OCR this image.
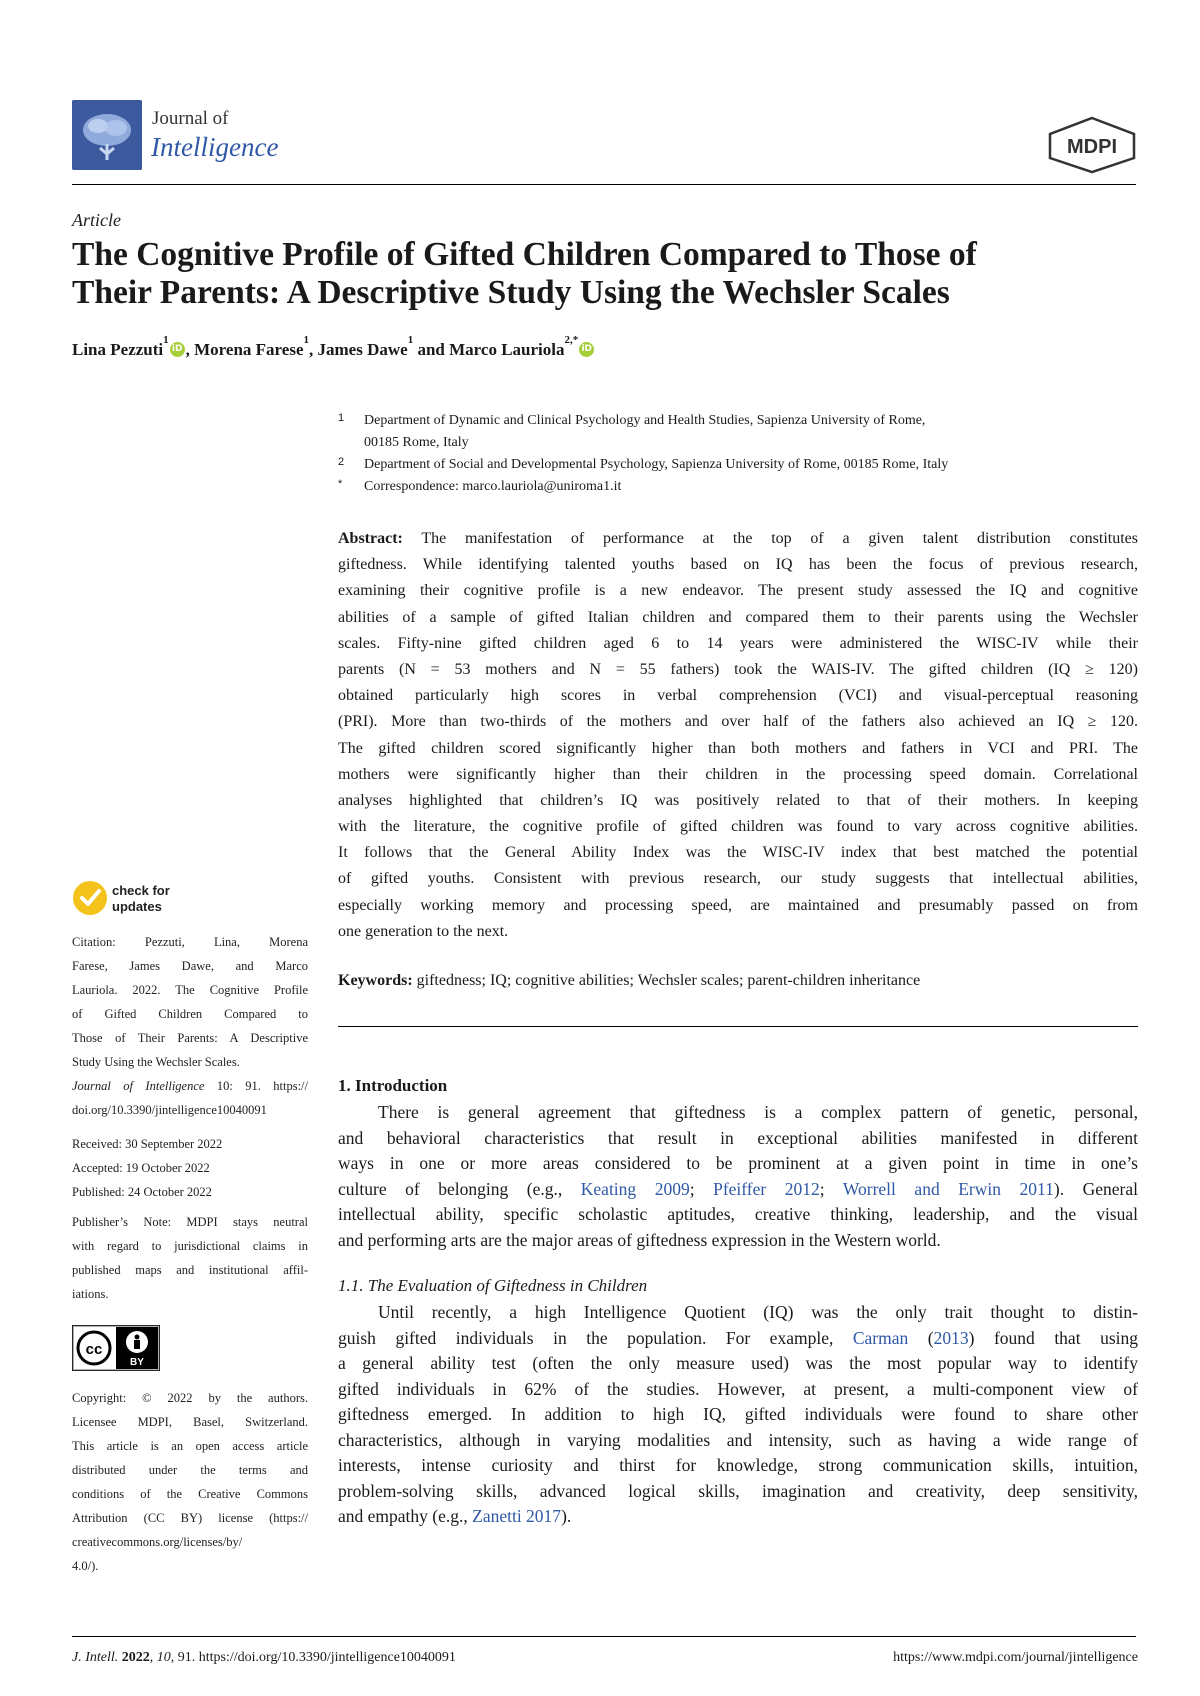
Journal of
Intelligence	MDPI
Article
The Cognitive Profile of Gifted Children Compared to Those of
Their Parents: A Descriptive Study Using the Wechsler Scales
Lina Pezzuti 1
iD , Morena Farese 1 , James Dawe 1 and Marco Lauriola 2,*
iD
1 Department of Dynamic and Clinical Psychology and Health Studies, Sapienza University of Rome,
00185 Rome, Italy
2 Department of Social and Developmental Psychology, Sapienza University of Rome, 00185 Rome, Italy
* Correspondence: marco.lauriola@uniroma1.it
Abstract: The manifestation of performance at the top of a given talent distribution constitutes
giftedness. While identifying talented youths based on IQ has been the focus of previous research,
examining their cognitive profile is a new endeavor. The present study assessed the IQ and cognitive
abilities of a sample of gifted Italian children and compared them to their parents using the Wechsler
scales. Fifty-nine gifted children aged 6 to 14 years were administered the WISC-IV while their
parents (N = 53 mothers and N = 55 fathers) took the WAIS-IV. The gifted children (IQ ≥ 120)
obtained particularly high scores in verbal comprehension (VCI) and visual-perceptual reasoning
(PRI). More than two-thirds of the mothers and over half of the fathers also achieved an IQ ≥ 120.
The gifted children scored significantly higher than both mothers and fathers in VCI and PRI. The
mothers were significantly higher than their children in the processing speed domain. Correlational
analyses highlighted that children’s IQ was positively related to that of their mothers. In keeping
with the literature, the cognitive profile of gifted children was found to vary across cognitive abilities.
It follows that the General Ability Index was the WISC-IV index that best matched the potential
of gifted youths. Consistent with previous research, our study suggests that intellectual abilities,
especially working memory and processing speed, are maintained and presumably passed on from
one generation to the next.
Keywords: giftedness; IQ; cognitive abilities; Wechsler scales; parent-children inheritance
1. Introduction
There is general agreement that giftedness is a complex pattern of genetic, personal,
and behavioral characteristics that result in exceptional abilities manifested in different
ways in one or more areas considered to be prominent at a given point in time in one’s
culture of belonging (e.g., Keating 2009; Pfeiffer 2012; Worrell and Erwin 2011). General
intellectual ability, specific scholastic aptitudes, creative thinking, leadership, and the visual
and performing arts are the major areas of giftedness expression in the Western world.
1.1. The Evaluation of Giftedness in Children
Until recently, a high Intelligence Quotient (IQ) was the only trait thought to distin-
guish gifted individuals in the population. For example, Carman (2013) found that using
a general ability test (often the only measure used) was the most popular way to identify
gifted individuals in 62% of the studies. However, at present, a multi-component view of
giftedness emerged. In addition to high IQ, gifted individuals were found to share other
characteristics, although in varying modalities and intensity, such as having a wide range of
interests, intense curiosity and thirst for knowledge, strong communication skills, intuition,
problem-solving skills, advanced logical skills, imagination and creativity, deep sensitivity,
and empathy (e.g., Zanetti 2017).
check for
updates
Citation: Pezzuti, Lina, Morena
Farese, James Dawe, and Marco
Lauriola. 2022. The Cognitive Profile
of Gifted Children Compared to
Those of Their Parents: A Descriptive
Study Using the Wechsler Scales.
Journal of Intelligence 10: 91. https://
doi.org/10.3390/jintelligence10040091
Received: 30 September 2022
Accepted: 19 October 2022
Published: 24 October 2022
Publisher’s Note: MDPI stays neutral
with regard to jurisdictional claims in
published maps and institutional affil-
iations.
cc
BY
Copyright: © 2022 by the authors.
Licensee MDPI, Basel, Switzerland.
This article is an open access article
distributed under the terms and
conditions of the Creative Commons
Attribution (CC BY) license (https://
creativecommons.org/licenses/by/
4.0/).
J. Intell. 2022, 10, 91. https://doi.org/10.3390/jintelligence10040091	https://www.mdpi.com/journal/jintelligence
